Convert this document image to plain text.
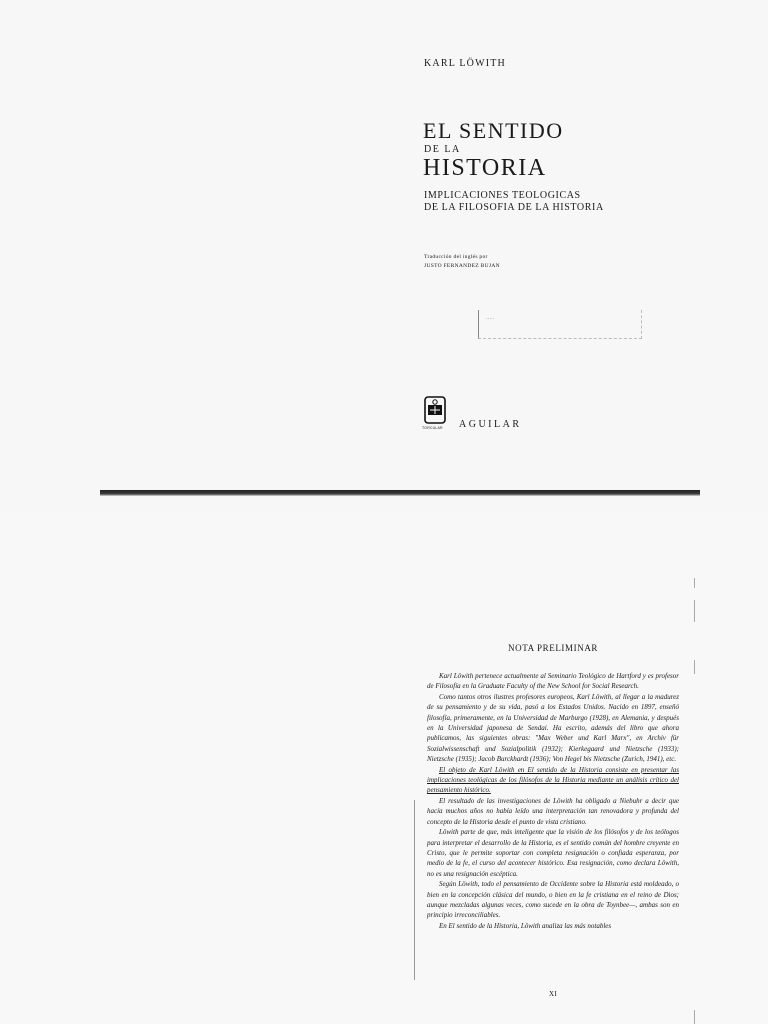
KARL LÖWITH
EL SENTIDO
DE LA
HISTORIA
IMPLICACIONES TEOLOGICAS
DE LA FILOSOFIA DE LA HISTORIA
Traducción del inglés por
JUSTO FERNANDEZ BUJAN
·····
TORCULAR AGUILAR
NOTA PRELIMINAR

Karl Löwith pertenece actualmente al Seminario Teológico de Hartford y es profesor de Filosofía en la Graduate Faculty of the New School for Social Research.

Como tantos otros ilustres profesores europeos, Karl Löwith, al llegar a la madurez de su pensamiento y de su vida, pasó a los Estados Unidos. Nacido en 1897, enseñó filosofía, primeramente, en la Universidad de Marburgo (1928), en Alemania, y después en la Universidad japonesa de Sendai. Ha escrito, además del libro que ahora publicamos, las siguientes obras: "Max Weber und Karl Marx", en Archiv für Sozialwissenschaft und Sozialpolitik (1932); Kierkegaard und Nietzsche (1933); Nietzsche (1935); Jacob Burckhardt (1936); Von Hegel bis Nietzsche (Zurich, 1941), etc.

El objeto de Karl Löwith en El sentido de la Historia consiste en presentar las implicaciones teológicas de los filósofos de la Historia mediante un análisis crítico del pensamiento histórico.

El resultado de las investigaciones de Löwith ha obligado a Niebuhr a decir que hacía muchos años no había leído una interpretación tan renovadora y profunda del concepto de la Historia desde el punto de vista cristiano.

Löwith parte de que, más inteligente que la visión de los filósofos y de los teólogos para interpretar el desarrollo de la Historia, es el sentido común del hombre creyente en Cristo, que le permite soportar con completa resignación o confiada esperanza, por medio de la fe, el curso del acontecer histórico. Esa resignación, como declara Löwith, no es una resignación escéptica.

Según Löwith, todo el pensamiento de Occidente sobre la Historia está moldeado, o bien en la concepción clásica del mundo, o bien en la fe cristiana en el reino de Dios; aunque mezcladas algunas veces, como sucede en la obra de Toynbee—, ambas son en principio irreconciliables.

En El sentido de la Historia, Löwith analiza las más notables

XI
